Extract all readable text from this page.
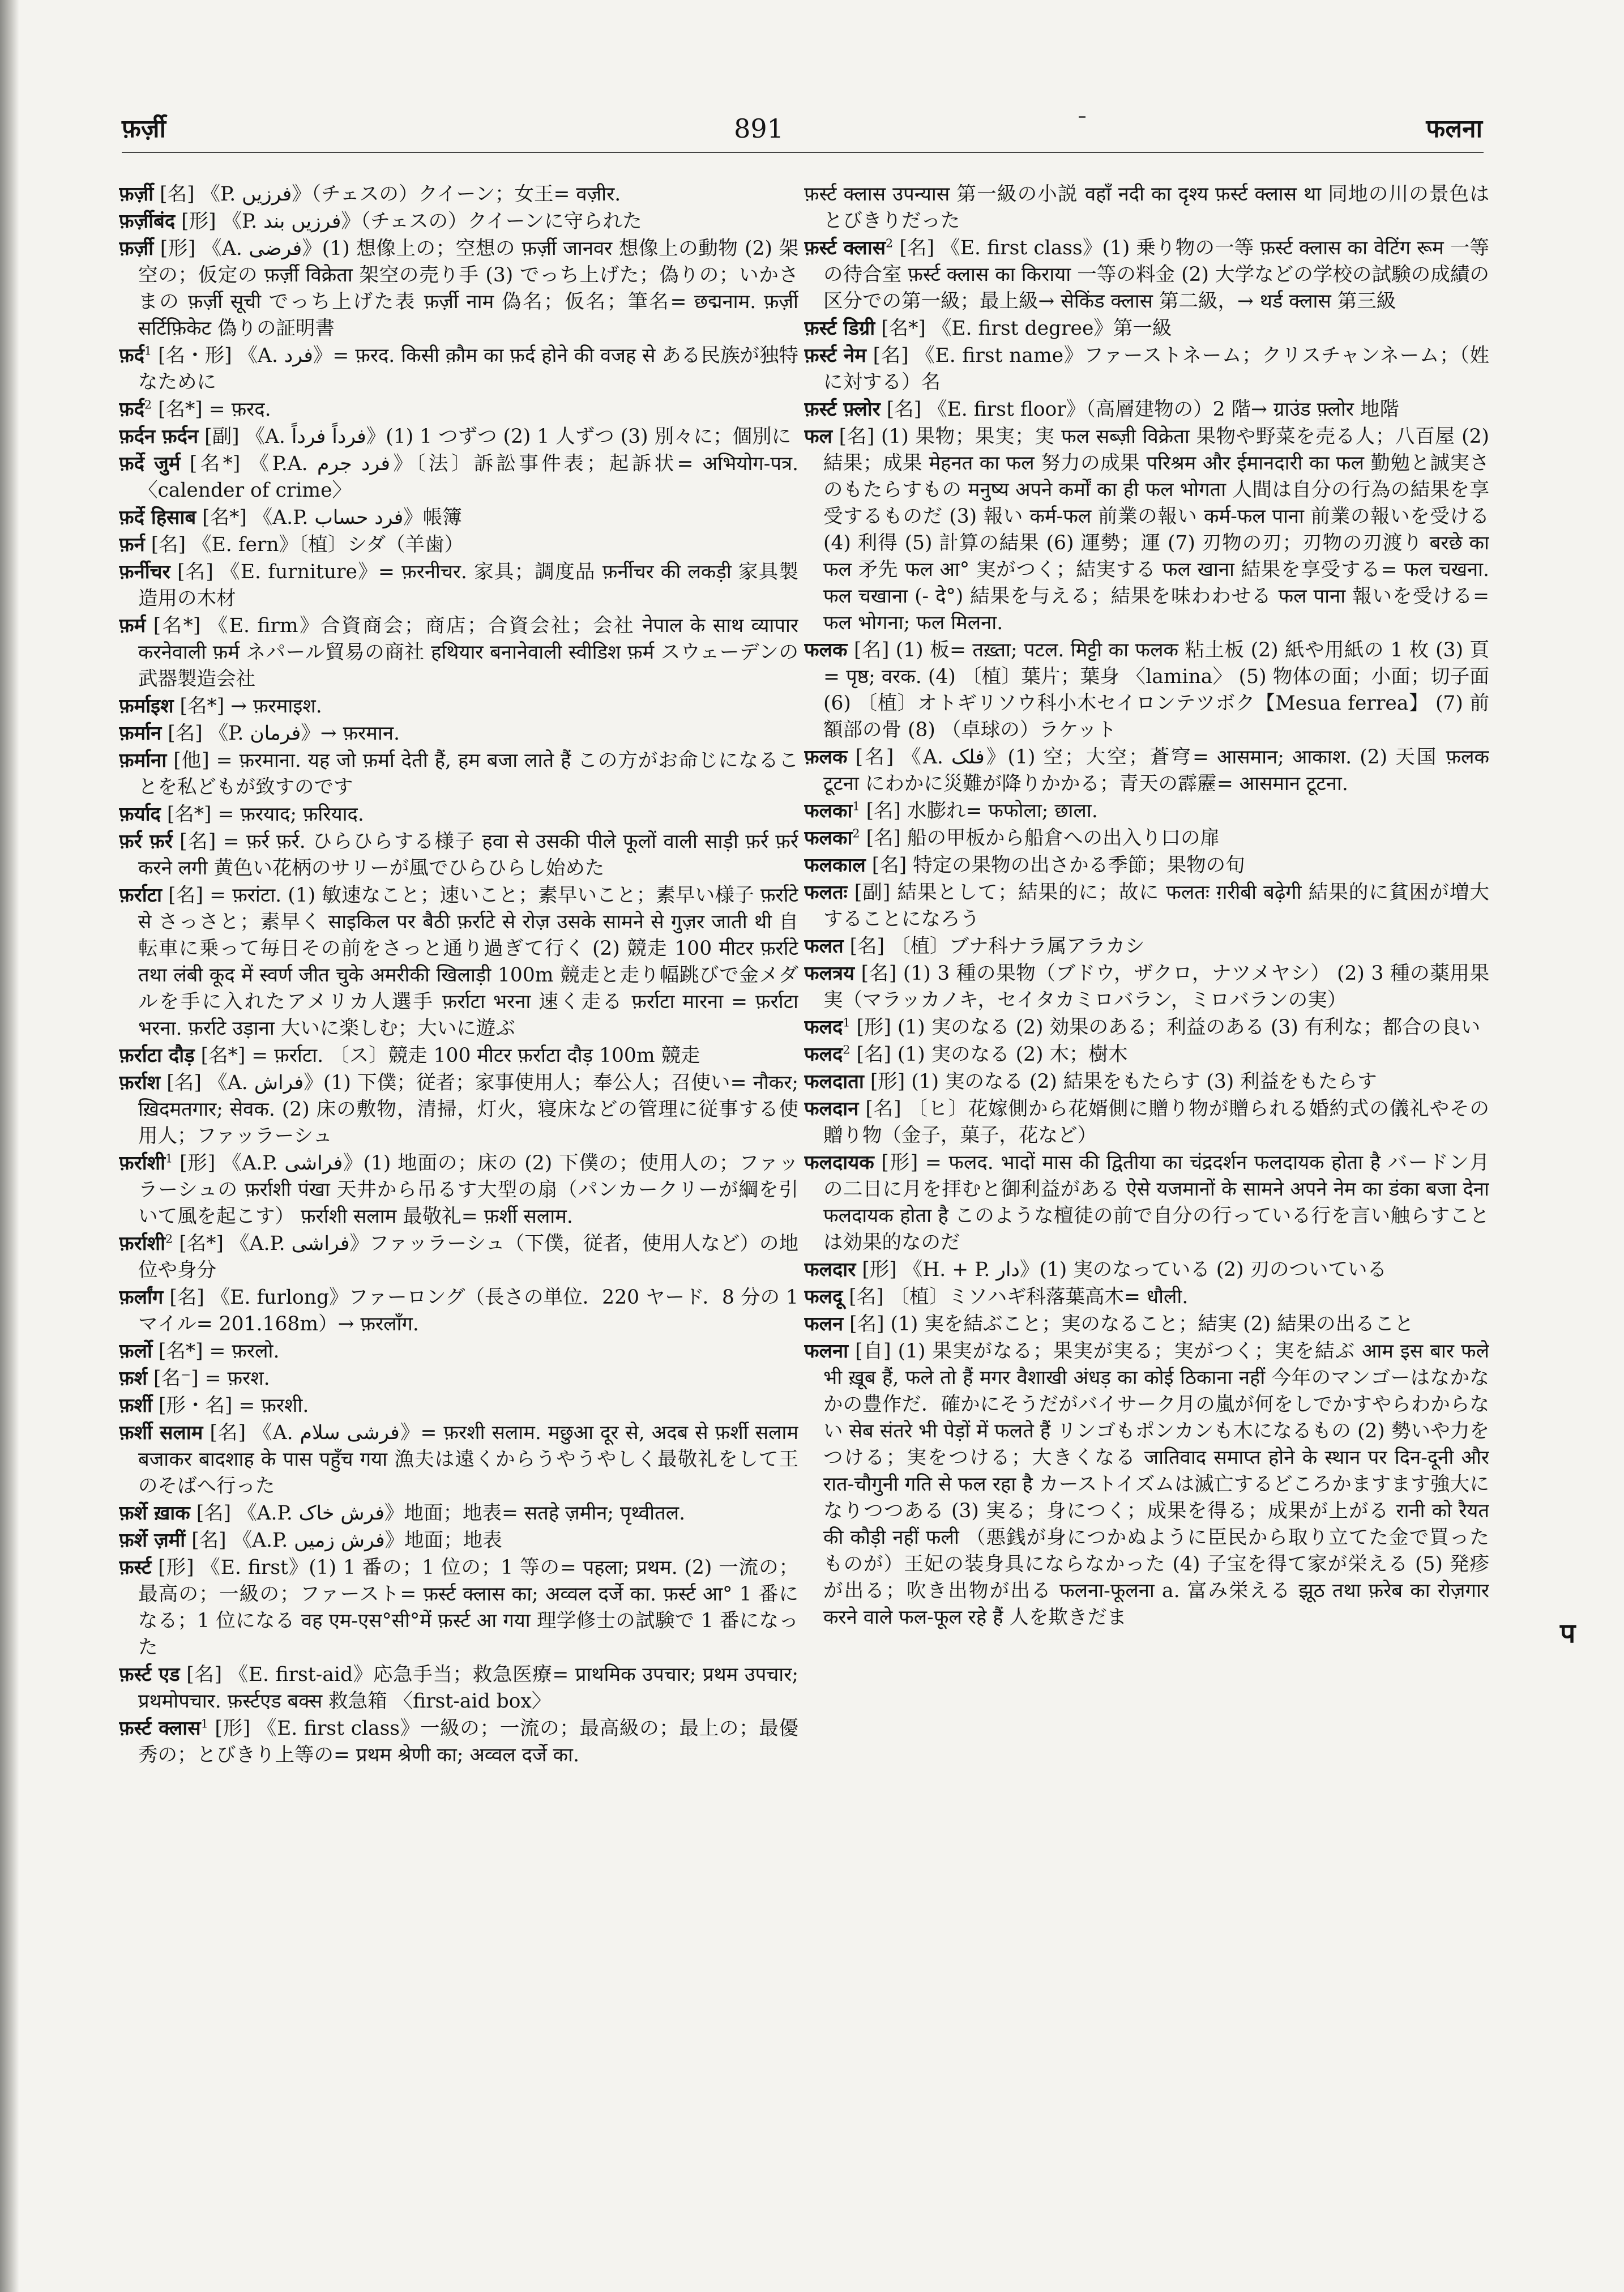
फ़र्ज़ी	891	फलना

फ़र्ज़ी [名] 《P. فرزیں》（チェスの）クイーン；女王= वज़ीर.

फ़र्ज़ीबंद [形] 《P. فرزیں بند》（チェスの）クイーンに守られた

फ़र्ज़ी [形] 《A. فرضی》(1) 想像上の；空想の फ़र्ज़ी जानवर 想像上の動物 (2) 架空の；仮定の फ़र्ज़ी विक्रेता 架空の売り手 (3) でっち上げた；偽りの；いかさまの फ़र्ज़ी सूची でっち上げた表 फ़र्ज़ी नाम 偽名；仮名；筆名= छद्मनाम. फ़र्ज़ी सर्टिफ़िकेट 偽りの証明書

फ़र्द$^1$ [名・形] 《A. فرد》= फ़रद. किसी क़ौम का फ़र्द होने की वजह से ある民族が独特なために

फ़र्द$^2$ [名*] = फ़रद.

फ़र्दन फ़र्दन [副] 《A. فرداً فرداً》(1) 1 つずつ (2) 1 人ずつ (3) 別々に；個別に

फ़र्दे जुर्म [名*] 《P.A. فرد جرم》〔法〕訴訟事件表；起訴状= अभियोग-पत्र. 〈calender of crime〉

फ़र्दे हिसाब [名*] 《A.P. فرد حساب》帳簿

फ़र्न [名] 《E. fern》〔植〕シダ（羊歯）

फ़र्नीचर [名] 《E. furniture》= फ़रनीचर. 家具；調度品 फ़र्नीचर की लकड़ी 家具製造用の木材

फ़र्म [名*] 《E. firm》合資商会；商店；合資会社；会社 नेपाल के साथ व्यापार करनेवाली फ़र्म ネパール貿易の商社 हथियार बनानेवाली स्वीडिश फ़र्म スウェーデンの武器製造会社

फ़र्माइश [名*] → फ़रमाइश.

फ़र्मान [名] 《P. فرمان》→ फ़रमान.

फ़र्माना [他] = फ़रमाना. यह जो फ़र्मा देती हैं, हम बजा लाते हैं この方がお命じになることを私どもが致すのです

फ़र्याद [名*] = फ़रयाद; फ़रियाद.

फ़र्र फ़र्र [名] = फ़र्र फ़र्र. ひらひらする様子 हवा से उसकी पीले फूलों वाली साड़ी फ़र्र फ़र्र करने लगी 黄色い花柄のサリーが風でひらひらし始めた

फ़र्राटा [名] = फ़रांटा. (1) 敏速なこと；速いこと；素早いこと；素早い様子 फ़र्राटे से さっさと；素早く साइकिल पर बैठी फ़र्राटे से रोज़ उसके सामने से गुज़र जाती थी 自転車に乗って毎日その前をさっと通り過ぎて行く (2) 競走 100 मीटर फ़र्राटे तथा लंबी कूद में स्वर्ण जीत चुके अमरीकी खिलाड़ी 100m 競走と走り幅跳びで金メダルを手に入れたアメリカ人選手 फ़र्राटा भरना 速く走る फ़र्राटा मारना = फ़र्राटा भरना. फ़र्राटे उड़ाना 大いに楽しむ；大いに遊ぶ

फ़र्राटा दौड़ [名*] = फ़र्राटा. 〔ス〕競走 100 मीटर फ़र्राटा दौड़ 100m 競走

फ़र्राश [名] 《A. فراش》(1) 下僕；従者；家事使用人；奉公人；召使い= नौकर; ख़िदमतगार; सेवक. (2) 床の敷物，清掃，灯火，寝床などの管理に従事する使用人；ファッラーシュ

फ़र्राशी$^1$ [形] 《A.P. فراشی》(1) 地面の；床の (2) 下僕の；使用人の；ファッラーシュの फ़र्राशी पंखा 天井から吊るす大型の扇（パンカークリーが綱を引いて風を起こす） फ़र्राशी सलाम 最敬礼= फ़र्शी सलाम.

फ़र्राशी$^2$ [名*] 《A.P. فراشی》ファッラーシュ（下僕，従者，使用人など）の地位や身分

फ़र्लांग [名] 《E. furlong》ファーロング（長さの単位．220 ヤード．8 分の 1 マイル= 201.168m）→ फ़रलाँग.

फ़र्लो [名*] = फ़रलो.

फ़र्श [名⁻] = फ़रश.

फ़र्शी [形・名] = फ़रशी.

फ़र्शी सलाम [名] 《A. فرشی سلام》= फ़रशी सलाम. मछुआ दूर से, अदब से फ़र्शी सलाम बजाकर बादशाह के पास पहुँच गया 漁夫は遠くからうやうやしく最敬礼をして王のそばへ行った

फ़र्शे ख़ाक [名] 《A.P. فرش خاک》地面；地表= सतहे ज़मीन; पृथ्वीतल.

फ़र्शे ज़मीं [名] 《A.P. فرش زمیں》地面；地表

फ़र्स्ट [形] 《E. first》(1) 1 番の；1 位の；1 等の= पहला; प्रथम. (2) 一流の；最高の；一級の；ファースト= फ़र्स्ट क्लास का; अव्वल दर्जे का. फ़र्स्ट आ° 1 番になる；1 位になる वह एम-एस°सी°में फ़र्स्ट आ गया 理学修士の試験で 1 番になった

फ़र्स्ट एड [名] 《E. first-aid》応急手当；救急医療= प्राथमिक उपचार; प्रथम उपचार; प्रथमोपचार. फ़र्स्टएड बक्स 救急箱 〈first-aid box〉

फ़र्स्ट क्लास$^1$ [形] 《E. first class》一級の；一流の；最高級の；最上の；最優秀の；とびきり上等の= प्रथम श्रेणी का; अव्वल दर्जे का.

फ़र्स्ट क्लास उपन्यास 第一級の小説 वहाँ नदी का दृश्य फ़र्स्ट क्लास था 同地の川の景色はとびきりだった

फ़र्स्ट क्लास$^2$ [名] 《E. first class》(1) 乗り物の一等 फ़र्स्ट क्लास का वेटिंग रूम 一等の待合室 फ़र्स्ट क्लास का किराया 一等の料金 (2) 大学などの学校の試験の成績の区分での第一級；最上級→ सेकिंड क्लास 第二級，→ थर्ड क्लास 第三級

फ़र्स्ट डिग्री [名*] 《E. first degree》第一級

फ़र्स्ट नेम [名] 《E. first name》ファーストネーム；クリスチャンネーム；（姓に対する）名

फ़र्स्ट फ़्लोर [名] 《E. first floor》（高層建物の）2 階→ ग्राउंड फ़्लोर 地階

फल [名] (1) 果物；果実；実 फल सब्ज़ी विक्रेता 果物や野菜を売る人；八百屋 (2) 結果；成果 मेहनत का फल 努力の成果 परिश्रम और ईमानदारी का फल 勤勉と誠実さのもたらすもの मनुष्य अपने कर्मों का ही फल भोगता 人間は自分の行為の結果を享受するものだ (3) 報い कर्म-फल 前業の報い कर्म-फल पाना 前業の報いを受ける (4) 利得 (5) 計算の結果 (6) 運勢；運 (7) 刃物の刃；刃物の刃渡り बरछे का फल 矛先 फल आ° 実がつく；結実する फल खाना 結果を享受する= फल चखना. फल चखाना (- दे°) 結果を与える；結果を味わわせる फल पाना 報いを受ける= फल भोगना; फल मिलना.

फलक [名] (1) 板= तख़्ता; पटल. मिट्टी का फलक 粘土板 (2) 紙や用紙の 1 枚 (3) 頁= पृष्ठ; वरक. (4) 〔植〕葉片；葉身 〈lamina〉 (5) 物体の面；小面；切子面 (6) 〔植〕オトギリソウ科小木セイロンテツボク【Mesua ferrea】 (7) 前額部の骨 (8) （卓球の）ラケット

फ़लक [名] 《A. فلک》(1) 空；大空；蒼穹= आसमान; आकाश. (2) 天国 फ़लक टूटना にわかに災難が降りかかる；青天の霹靂= आसमान टूटना.

फलका$^1$ [名] 水膨れ= फफोला; छाला.

फलका$^2$ [名] 船の甲板から船倉への出入り口の扉

फलकाल [名] 特定の果物の出さかる季節；果物の旬

फलतः [副] 結果として；結果的に；故に फलतः ग़रीबी बढ़ेगी 結果的に貧困が増大することになろう

फलत [名] 〔植〕ブナ科ナラ属アラカシ

फलत्रय [名] (1) 3 種の果物（ブドウ，ザクロ，ナツメヤシ） (2) 3 種の薬用果実（マラッカノキ，セイタカミロバラン，ミロバランの実）

फलद$^1$ [形] (1) 実のなる (2) 効果のある；利益のある (3) 有利な；都合の良い

फलद$^2$ [名] (1) 実のなる (2) 木；樹木

फलदाता [形] (1) 実のなる (2) 結果をもたらす (3) 利益をもたらす

फलदान [名] 〔ヒ〕花嫁側から花婿側に贈り物が贈られる婚約式の儀礼やその贈り物（金子，菓子，花など）

फलदायक [形] = फलद. भादों मास की द्वितीया का चंद्रदर्शन फलदायक होता है バードン月の二日に月を拝むと御利益がある ऐसे यजमानों के सामने अपने नेम का डंका बजा देना फलदायक होता है このような檀徒の前で自分の行っている行を言い触らすことは効果的なのだ

फलदार [形] 《H. + P. دار》(1) 実のなっている (2) 刃のついている

फलदू [名] 〔植〕ミソハギ科落葉高木= धौली.

फलन [名] (1) 実を結ぶこと；実のなること；結実 (2) 結果の出ること

फलना [自] (1) 果実がなる；果実が実る；実がつく；実を結ぶ आम इस बार फले भी ख़ूब हैं, फले तो हैं मगर वैशाखी अंधड़ का कोई ठिकाना नहीं 今年のマンゴーはなかなかの豊作だ．確かにそうだがバイサーク月の嵐が何をしでかすやらわからない सेब संतरे भी पेड़ों में फलते हैं リンゴもポンカンも木になるもの (2) 勢いや力をつける；実をつける；大きくなる जातिवाद समाप्त होने के स्थान पर दिन-दूनी और रात-चौगुनी गति से फल रहा है カーストイズムは滅亡するどころかますます強大になりつつある (3) 実る；身につく；成果を得る；成果が上がる रानी को रैयत की कौड़ी नहीं फली （悪銭が身につかぬように臣民から取り立てた金で買ったものが）王妃の装身具にならなかった (4) 子宝を得て家が栄える (5) 発疹が出る；吹き出物が出る फलना-फूलना a. 富み栄える झूठ तथा फ़रेब का रोज़गार करने वाले फल-फूल रहे हैं 人を欺きだま	प
